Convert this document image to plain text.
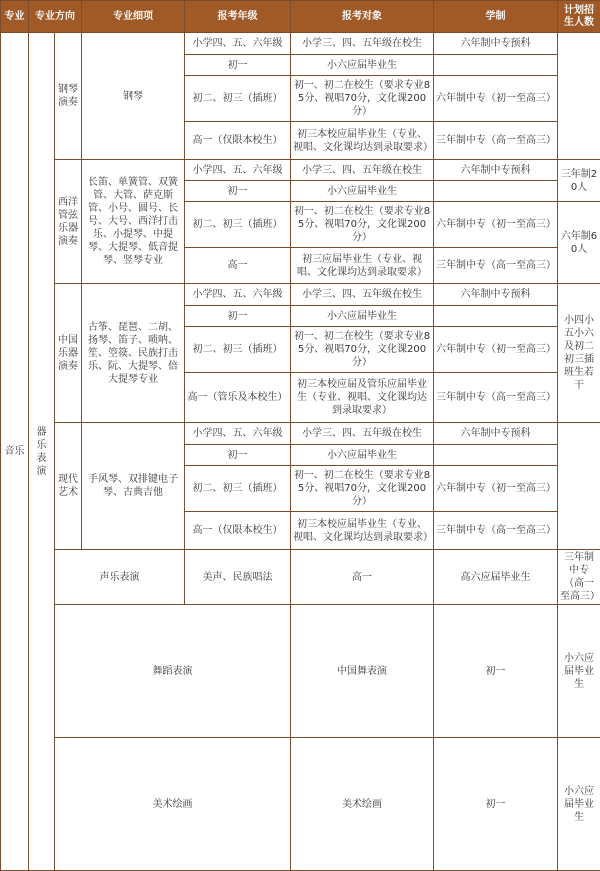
专业	专业方向		专业细项	报考年级	报考对象	学制	计划招生人数	
音乐	器乐表演	钢琴演奏	钢琴	小学四、五、六年级	小学三、四、五年级在校生	六年制中专预科		
				初一	小六应届毕业生			
				初二、初三（插班）	初一、初二在校生（要求专业85分、视唱70分，文化课200分）	六年制中专（初一至高三）		
				高一（仅限本校生）	初三本校应届毕业生（专业、视唱、文化课均达到录取要求）	三年制中专（高一至高三）		
		西洋管弦乐器演奏	长笛、单簧管、双簧管、大管、萨克斯管、小号、圆号、长号、大号、西洋打击乐、小提琴、中提琴、大提琴、低音提琴、竖琴专业	小学四、五、六年级	小学三、四、五年级在校生	六年制中专预科	三年制20人	
				初一	小六应届毕业生			
				初二、初三（插班）	初一、初二在校生（要求专业85分、视唱70分，文化课200分）	六年制中专（初一至高三）	六年制60人	
				高一	初三应届毕业生（专业、视唱、文化课均达到录取要求）	三年制中专（高一至高三）		
		中国乐器演奏	古筝、琵琶、二胡、扬琴、笛子、唢呐、笙、箜篌、民族打击乐、阮、大提琴、倍大提琴专业	小学四、五、六年级	小学三、四、五年级在校生	六年制中专预科	小四小五小六及初二初三插班生若干	
				初一	小六应届毕业生			
				初二、初三（插班）	初一、初二在校生（要求专业85分、视唱70分，文化课200分）	六年制中专（初一至高三）		
				高一（管乐及本校生）	初三本校应届及管乐应届毕业生（专业、视唱、文化课均达到录取要求）	三年制中专（高一至高三）		
		现代艺术	手风琴、双排键电子琴、古典吉他	小学四、五、六年级	小学三、四、五年级在校生	六年制中专预科		
				初一	小六应届毕业生			
				初二、初三（插班）	初一、初二在校生（要求专业85分、视唱70分，文化课200分）	六年制中专（初一至高三）		
				高一（仅限本校生）	初三本校应届毕业生（专业、视唱、文化课均达到录取要求）	三年制中专（高一至高三）		
		声乐表演		美声、民族唱法	高一	高六应届毕业生	三年制中专（高一至高三）	
		舞蹈表演			中国舞表演	初一	小六应届毕业生		
		美术绘画			美术绘画	初一	小六应届毕业生		
